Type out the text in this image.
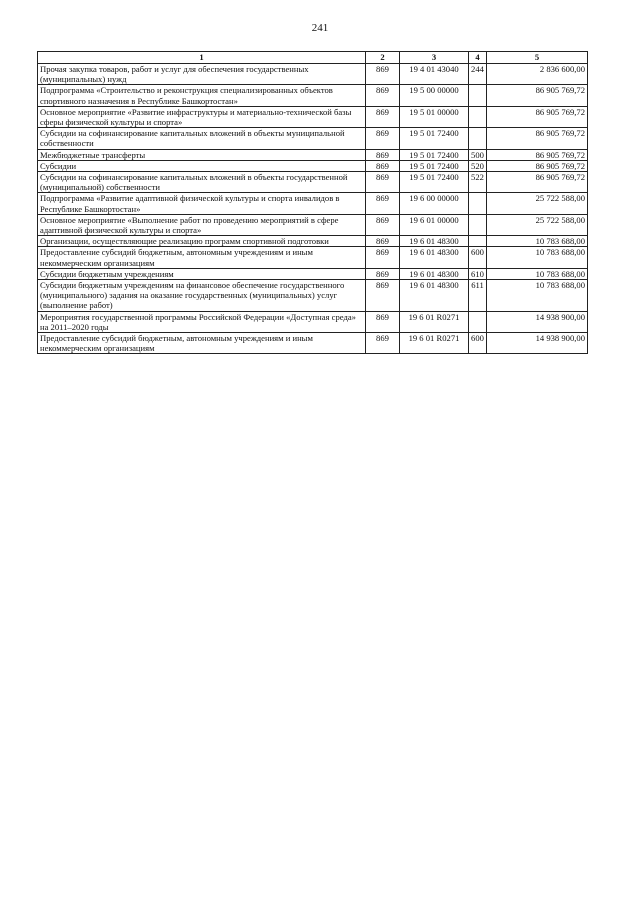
241
1	2	3	4	5
Прочая закупка товаров, работ и услуг для обеспечения государственных (муниципальных) нужд	869	19 4 01 43040	244	2 836 600,00
Подпрограмма «Строительство и реконструкция специализированных объектов спортивного назначения в Республике Башкортостан»	869	19 5 00 00000		86 905 769,72
Основное мероприятие «Развитие инфраструктуры и материально-технической базы сферы физической культуры и спорта»	869	19 5 01 00000		86 905 769,72
Субсидии на софинансирование капитальных вложений в объекты муниципальной собственности	869	19 5 01 72400		86 905 769,72
Межбюджетные трансферты	869	19 5 01 72400	500	86 905 769,72
Субсидии	869	19 5 01 72400	520	86 905 769,72
Субсидии на софинансирование капитальных вложений в объекты государственной (муниципальной) собственности	869	19 5 01 72400	522	86 905 769,72
Подпрограмма «Развитие адаптивной физической культуры и спорта инвалидов в Республике Башкортостан»	869	19 6 00 00000		25 722 588,00
Основное мероприятие «Выполнение работ по проведению мероприятий в сфере адаптивной физической культуры и спорта»	869	19 6 01 00000		25 722 588,00
Организации, осуществляющие реализацию программ спортивной подготовки	869	19 6 01 48300		10 783 688,00
Предоставление субсидий бюджетным, автономным учреждениям и иным некоммерческим организациям	869	19 6 01 48300	600	10 783 688,00
Субсидии бюджетным учреждениям	869	19 6 01 48300	610	10 783 688,00
Субсидии бюджетным учреждениям на финансовое обеспечение государственного (муниципального) задания на оказание государственных (муниципальных) услуг (выполнение работ)	869	19 6 01 48300	611	10 783 688,00
Мероприятия государственной программы Российской Федерации «Доступная среда» на 2011–2020 годы	869	19 6 01 R0271		14 938 900,00
Предоставление субсидий бюджетным, автономным учреждениям и иным некоммерческим организациям	869	19 6 01 R0271	600	14 938 900,00
